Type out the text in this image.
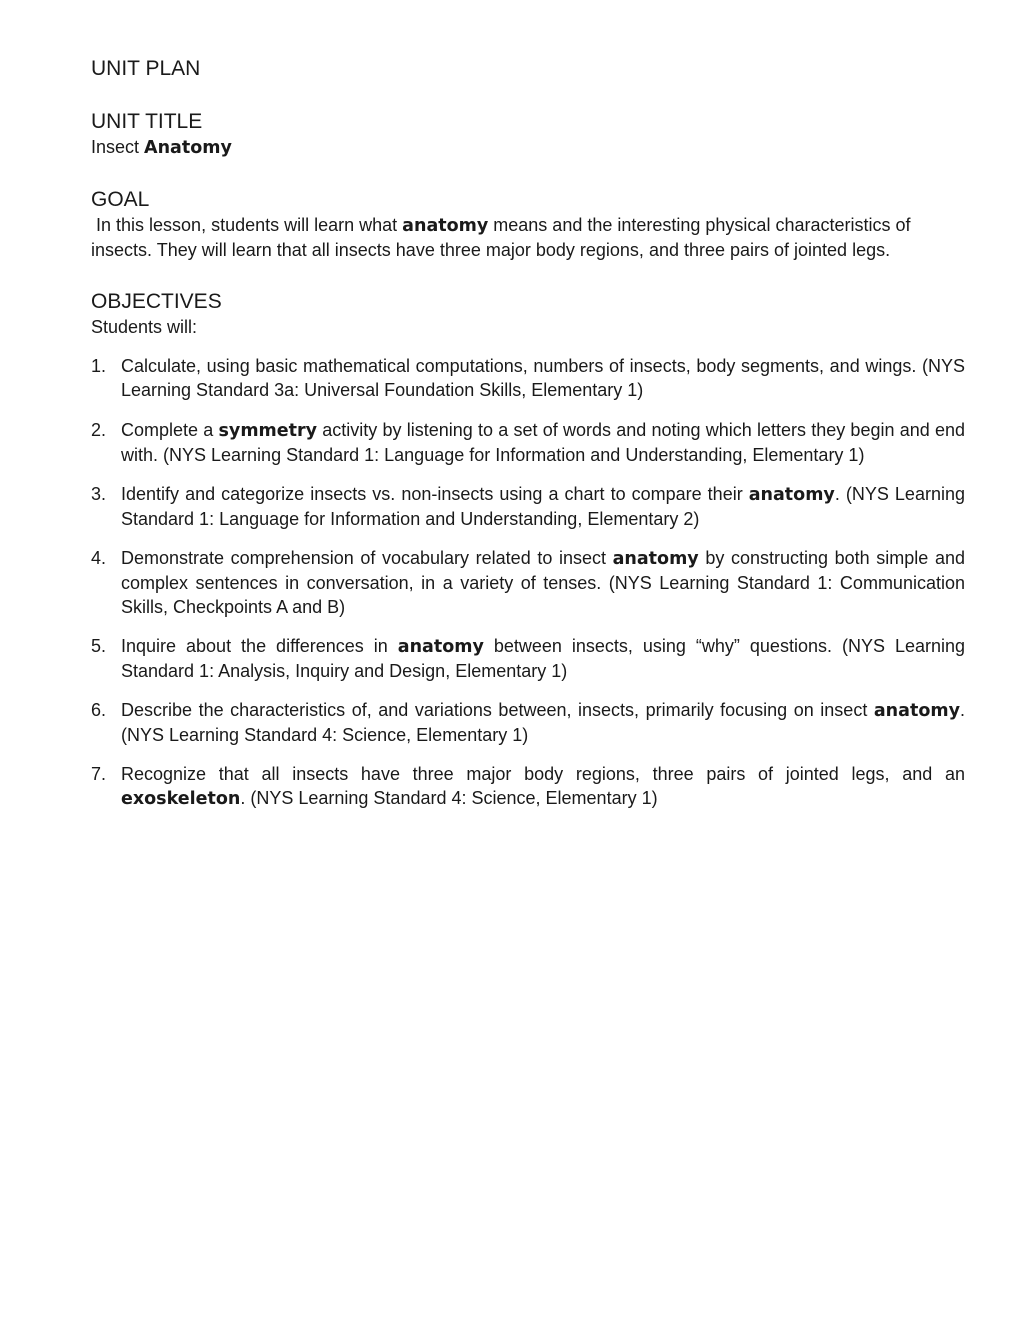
UNIT PLAN
UNIT TITLE

Insect Anatomy

GOAL

In this lesson, students will learn what anatomy means and the interesting physical characteristics of insects. They will learn that all insects have three major body regions, and three pairs of jointed legs.

OBJECTIVES

Students will:

1. Calculate, using basic mathematical computations, numbers of insects, body segments, and wings. (NYS Learning Standard 3a: Universal Foundation Skills, Elementary 1)
2. Complete a symmetry activity by listening to a set of words and noting which letters they begin and end with. (NYS Learning Standard 1: Language for Information and Understanding, Elementary 1)
3. Identify and categorize insects vs. non-insects using a chart to compare their anatomy. (NYS Learning Standard 1: Language for Information and Understanding, Elementary 2)
4. Demonstrate comprehension of vocabulary related to insect anatomy by constructing both simple and complex sentences in conversation, in a variety of tenses. (NYS Learning Standard 1: Communication Skills, Checkpoints A and B)
5. Inquire about the differences in anatomy between insects, using “why” questions. (NYS Learning Standard 1: Analysis, Inquiry and Design, Elementary 1)
6. Describe the characteristics of, and variations between, insects, primarily focusing on insect anatomy. (NYS Learning Standard 4: Science, Elementary 1)
7. Recognize that all insects have three major body regions, three pairs of jointed legs, and an exoskeleton. (NYS Learning Standard 4: Science, Elementary 1)
